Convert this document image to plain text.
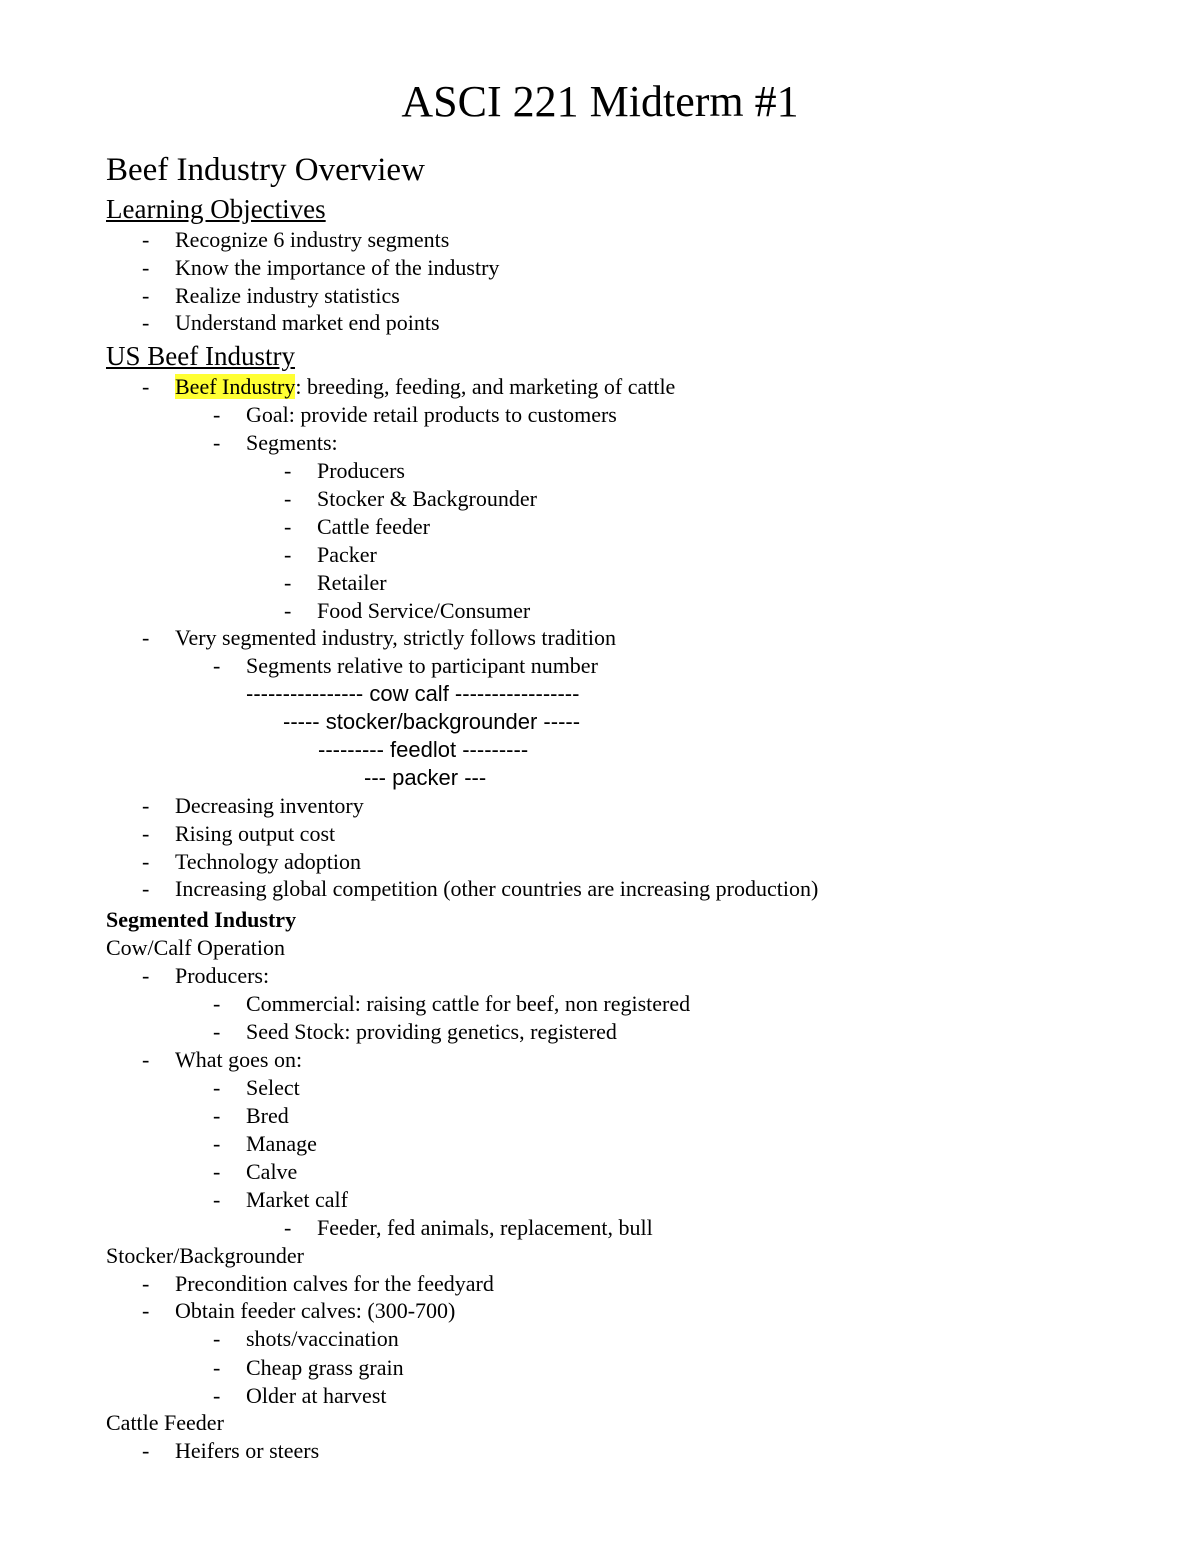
ASCI 221 Midterm #1
Beef Industry Overview
Learning Objectives
- Recognize 6 industry segments
- Know the importance of the industry
- Realize industry statistics
- Understand market end points
US Beef Industry
- Beef Industry: breeding, feeding, and marketing of cattle
- Goal: provide retail products to customers
- Segments:
- Producers
- Stocker & Backgrounder
- Cattle feeder
- Packer
- Retailer
- Food Service/Consumer
- Very segmented industry, strictly follows tradition
- Segments relative to participant number
---------------- cow calf -----------------
----- stocker/backgrounder -----
--------- feedlot ---------
--- packer ---
- Decreasing inventory
- Rising output cost
- Technology adoption
- Increasing global competition (other countries are increasing production)
Segmented Industry
Cow/Calf Operation
- Producers:
- Commercial: raising cattle for beef, non registered
- Seed Stock: providing genetics, registered
- What goes on:
- Select
- Bred
- Manage
- Calve
- Market calf
- Feeder, fed animals, replacement, bull
Stocker/Backgrounder
- Precondition calves for the feedyard
- Obtain feeder calves: (300-700)
- shots/vaccination
- Cheap grass grain
- Older at harvest
Cattle Feeder
- Heifers or steers
